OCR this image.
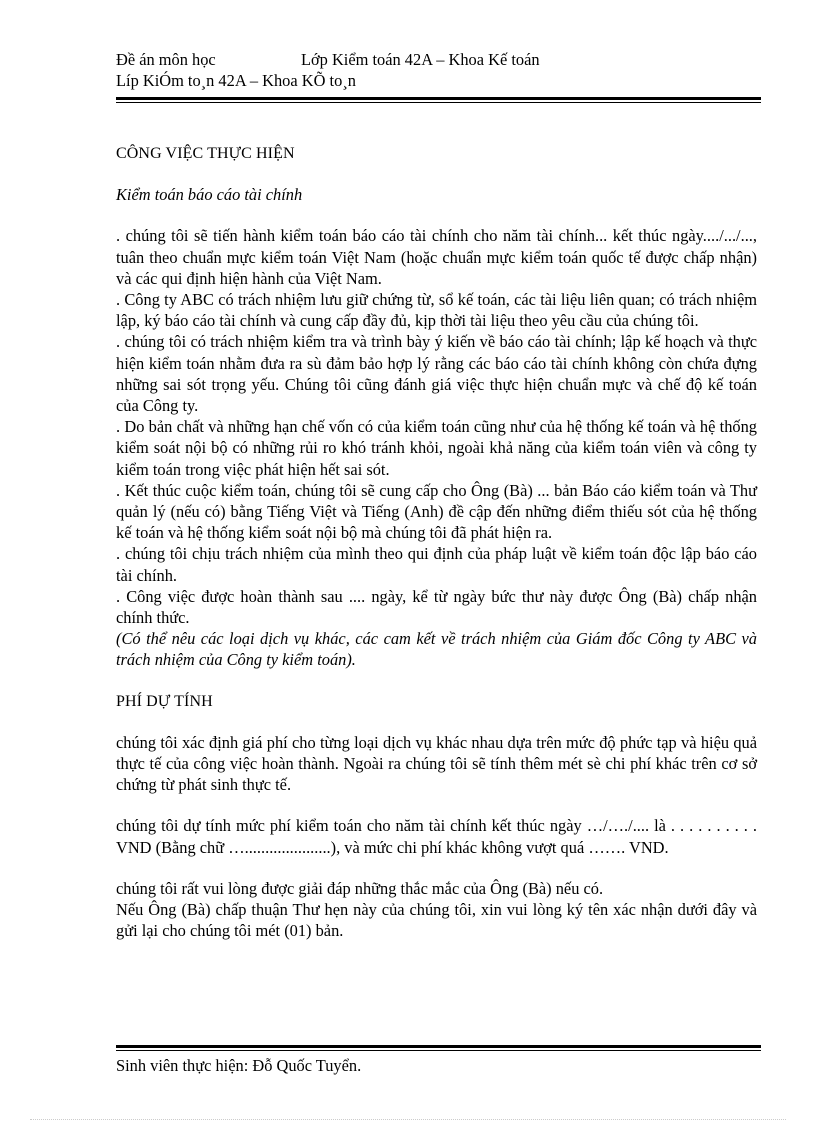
Đề án môn học	Lớp Kiểm toán 42A – Khoa Kế toán
Líp KiÓm to¸n 42A – Khoa KÕ to¸n
CÔNG VIỆC THỰC HIỆN
Kiểm toán báo cáo tài chính

. chúng tôi sẽ tiến hành kiểm toán báo cáo tài chính cho năm tài chính... kết thúc ngày..../.../..., tuân theo chuẩn mực kiểm toán Việt Nam (hoặc chuẩn mực kiểm toán quốc tế được chấp nhận) và các qui định hiện hành của Việt Nam.

. Công ty ABC có trách nhiệm lưu giữ chứng từ, sổ kế toán, các tài liệu liên quan; có trách nhiệm lập, ký báo cáo tài chính và cung cấp đầy đủ, kịp thời tài liệu theo yêu cầu của chúng tôi.

. chúng tôi có trách nhiệm kiểm tra và trình bày ý kiến về báo cáo tài chính; lập kế hoạch và thực hiện kiểm toán nhằm đưa ra sù đảm bảo hợp lý rằng các báo cáo tài chính không còn chứa đựng những sai sót trọng yếu. Chúng tôi cũng đánh giá việc thực hiện chuẩn mực và chế độ kế toán của Công ty.

. Do bản chất và những hạn chế vốn có của kiểm toán cũng như của hệ thống kế toán và hệ thống kiểm soát nội bộ có những rủi ro khó tránh khỏi, ngoài khả năng của kiểm toán viên và công ty kiểm toán trong việc phát hiện hết sai sót.

. Kết thúc cuộc kiểm toán, chúng tôi sẽ cung cấp cho Ông (Bà) ... bản Báo cáo kiểm toán và Thư quản lý (nếu có) bằng Tiếng Việt và Tiếng (Anh) đề cập đến những điểm thiếu sót của hệ thống kế toán và hệ thống kiểm soát nội bộ mà chúng tôi đã phát hiện ra.

. chúng tôi chịu trách nhiệm của mình theo qui định của pháp luật về kiểm toán độc lập báo cáo tài chính.

. Công việc được hoàn thành sau .... ngày, kể từ ngày bức thư này được Ông (Bà) chấp nhận chính thức.

(Có thể nêu các loại dịch vụ khác, các cam kết về trách nhiệm của Giám đốc Công ty ABC và trách nhiệm của Công ty kiểm toán).

PHÍ DỰ TÍNH

chúng tôi xác định giá phí cho từng loại dịch vụ khác nhau dựa trên mức độ phức tạp và hiệu quả thực tế của công việc hoàn thành. Ngoài ra chúng tôi sẽ tính thêm mét sè chi phí khác trên cơ sở chứng từ phát sinh thực tế.

chúng tôi dự tính mức phí kiểm toán cho năm tài chính kết thúc ngày …/…./.... là . . . . . . . . . . VND (Bằng chữ ….....................), và mức chi phí khác không vượt quá ……. VND.

chúng tôi rất vui lòng được giải đáp những thắc mắc của Ông (Bà) nếu có.

Nếu Ông (Bà) chấp thuận Thư hẹn này của chúng tôi, xin vui lòng ký tên xác nhận dưới đây và gửi lại cho chúng tôi mét (01) bản.

Sinh viên thực hiện: Đỗ Quốc Tuyển.
